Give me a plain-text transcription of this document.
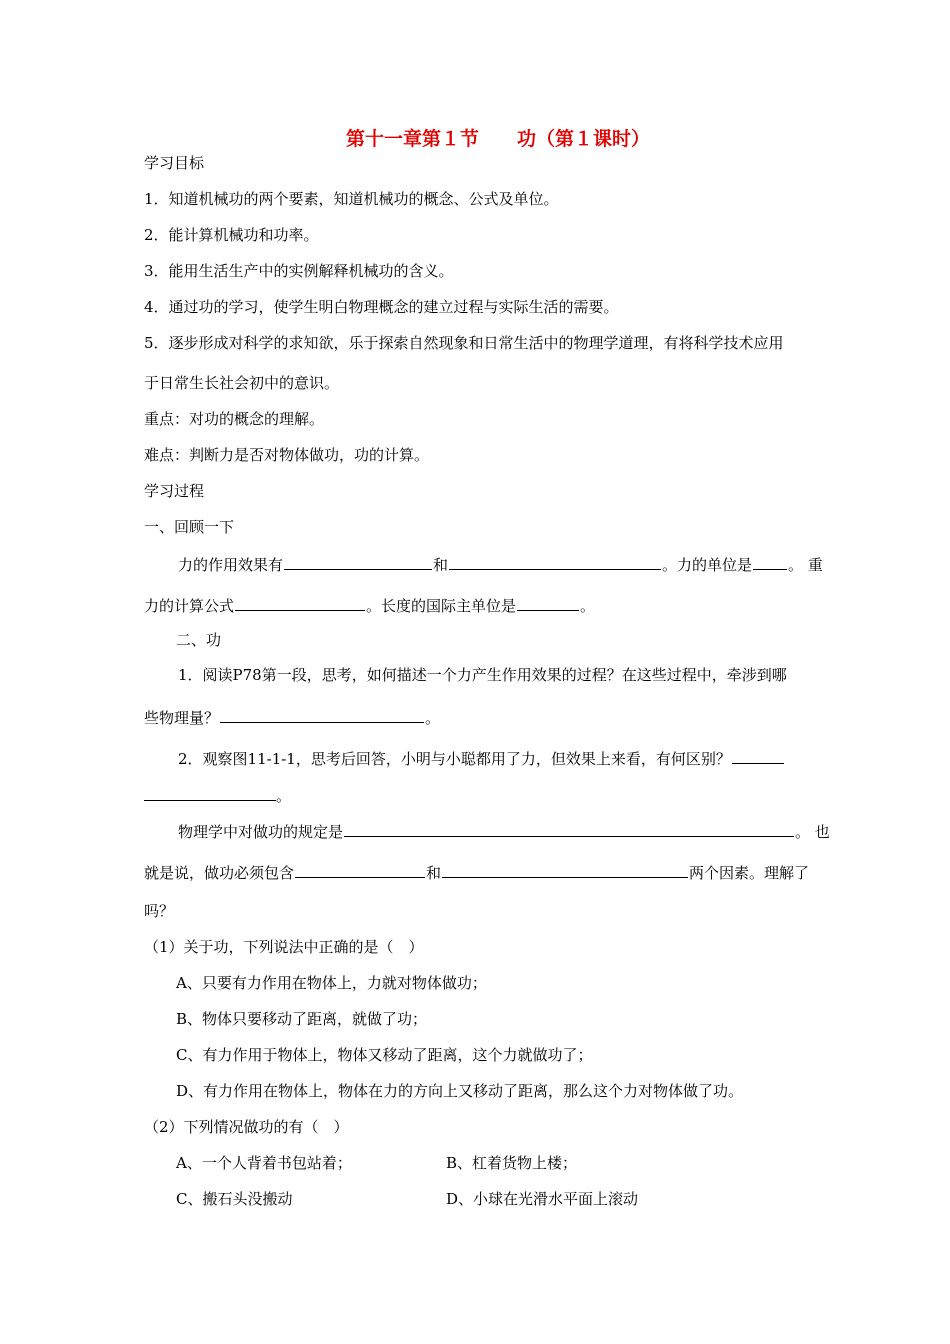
第十一章第１节　　功（第１课时）
学习目标
1．知道机械功的两个要素，知道机械功的概念、公式及单位。
2．能计算机械功和功率。
3．能用生活生产中的实例解释机械功的含义。
4．通过功的学习，使学生明白物理概念的建立过程与实际生活的需要。
5．逐步形成对科学的求知欲，乐于探索自然现象和日常生活中的物理学道理，有将科学技术应用
于日常生长社会初中的意识。
重点：对功的概念的理解。
难点：判断力是否对物体做功，功的计算。
学习过程
一、回顾一下
力的作用效果有	和	。力的单位是 。 重
力的计算公式	。长度的国际主单位是	。
二、功
1．阅读P78第一段，思考，如何描述一个力产生作用效果的过程？在这些过程中，牵涉到哪
些物理量？	。
2．观察图11-1-1，思考后回答，小明与小聪都用了力，但效果上来看，有何区别？
。
物理学中对做功的规定是	。 也
就是说，做功必须包含	和	两个因素。理解了
吗？
（1）关于功，下列说法中正确的是（　）
A、只要有力作用在物体上，力就对物体做功；
B、物体只要移动了距离，就做了功；
C、有力作用于物体上，物体又移动了距离，这个力就做功了；
D、有力作用在物体上，物体在力的方向上又移动了距离，那么这个力对物体做了功。
（2）下列情况做功的有（　）
A、一个人背着书包站着；	B、杠着货物上楼；
C、搬石头没搬动	D、小球在光滑水平面上滚动
